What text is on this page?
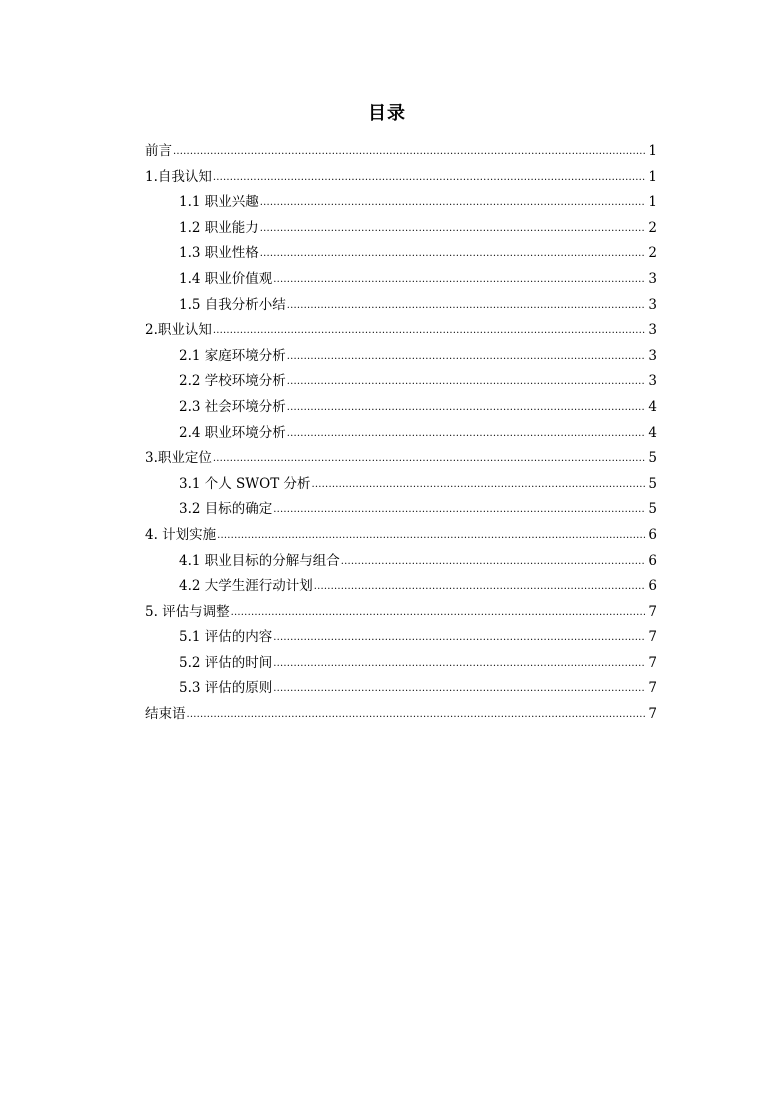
目录
前言 .....	1
1.自我认知 .....	1
1.1 职业兴趣 .....	1
1.2 职业能力 .....	2
1.3 职业性格 .....	2
1.4 职业价值观 .....	3
1.5 自我分析小结 .....	3
2.职业认知 .....	3
2.1 家庭环境分析 .....	3
2.2 学校环境分析 .....	3
2.3 社会环境分析 .....	4
2.4 职业环境分析 .....	4
3.职业定位 .....	5
3.1 个人 SWOT 分析 .....	5
3.2 目标的确定 .....	5
4. 计划实施 .....	6
4.1 职业目标的分解与组合 .....	6
4.2 大学生涯行动计划 .....	6
5. 评估与调整 .....	7
5.1 评估的内容 .....	7
5.2 评估的时间 .....	7
5.3 评估的原则 .....	7
结束语 .....	7
